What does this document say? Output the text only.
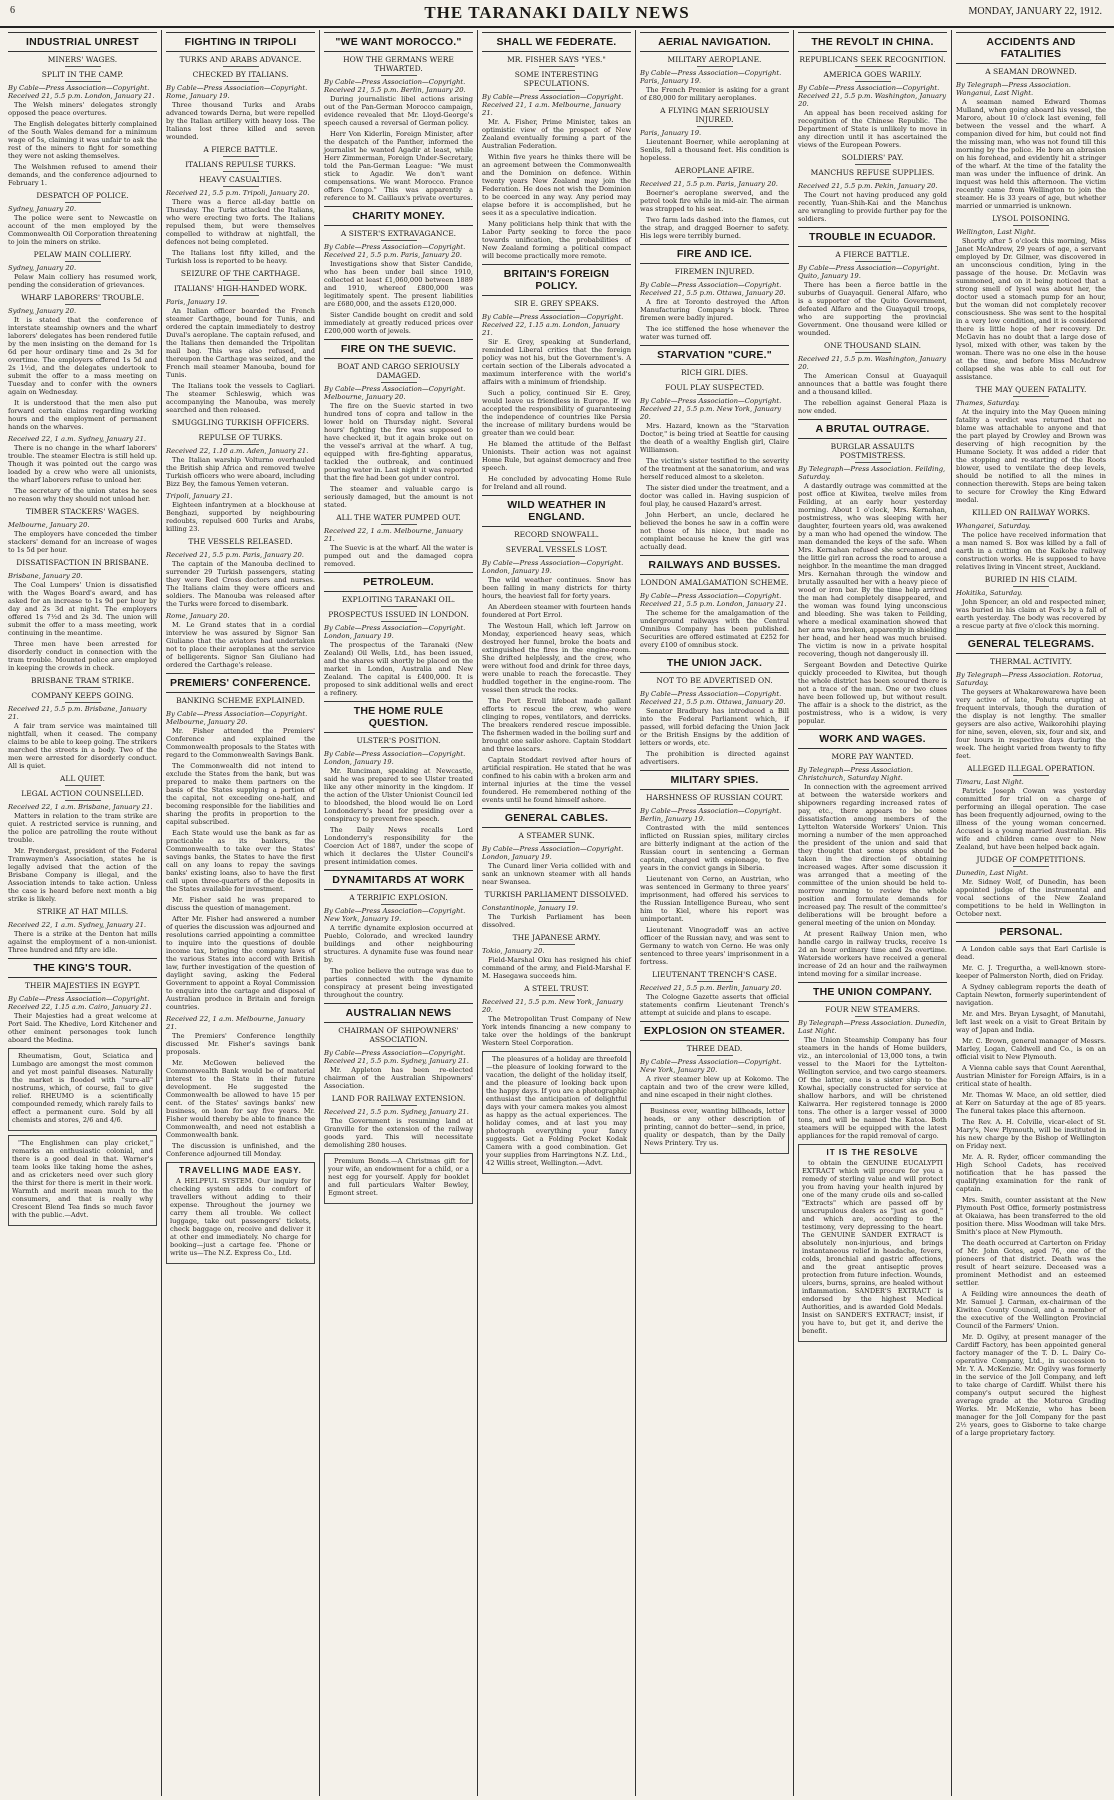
6	THE TARANAKI DAILY NEWS	MONDAY, JANUARY 22, 1912.
INDUSTRIAL UNREST
MINERS' WAGES.
SPLIT IN THE CAMP.
By Cable—Press Association—Copyright. Received 21, 5.5 p.m. London, January 21.

The Welsh miners' delegates strongly opposed the peace overtures.

The English delegates bitterly complained of the South Wales demand for a minimum wage of 5s, claiming it was unfair to ask the rest of the miners to fight for something they were not asking themselves.

The Welshmen refused to amend their demands, and the conference adjourned to February 1.

DESPATCH OF POLICE.
Sydney, January 20.

The police were sent to Newcastle on account of the men employed by the Commonwealth Oil Corporation threatening to join the miners on strike.

PELAW MAIN COLLIERY.
Sydney, January 20.

Pelaw Main colliery has resumed work, pending the consideration of grievances.

WHARF LABORERS' TROUBLE.
Sydney, January 20.

It is stated that the conference of interstate steamship owners and the wharf laborers' delegates has been rendered futile by the men insisting on the demand for 1s 6d per hour ordinary time and 2s 3d for overtime. The employers offered 1s 5d and 2s 1½d, and the delegates undertook to submit the offer to a mass meeting on Tuesday and to confer with the owners again on Wednesday.

It is understood that the men also put forward certain claims regarding working hours and the employment of permanent hands on the wharves.

Received 22, 1 a.m. Sydney, January 21.

There is no change in the wharf laborers' trouble. The steamer Electra is still held up. Though it was pointed out the cargo was loaded by a crew who were all unionists, the wharf laborers refuse to unload her.

The secretary of the union states he sees no reason why they should not unload her.

TIMBER STACKERS' WAGES.
Melbourne, January 20.

The employers have conceded the timber stackers' demand for an increase of wages to 1s 5d per hour.

DISSATISFACTION IN BRISBANE.
Brisbane, January 20.

The Coal Lumpers' Union is dissatisfied with the Wages Board's award, and has asked for an increase to 1s 9d per hour by day and 2s 3d at night. The employers offered 1s 7½d and 2s 3d. The union will submit the offer to a mass meeting, work continuing in the meantime.

Three men have been arrested for disorderly conduct in connection with the tram trouble. Mounted police are employed in keeping the crowds in check.

BRISBANE TRAM STRIKE.
COMPANY KEEPS GOING.
Received 21, 5.5 p.m. Brisbane, January 21.

A fair tram service was maintained till nightfall, when it ceased. The company claims to be able to keep going. The strikers marched the streets in a body. Two of the men were arrested for disorderly conduct. All is quiet.

ALL QUIET.
LEGAL ACTION COUNSELLED.
Received 22, 1 a.m. Brisbane, January 21.

Matters in relation to the tram strike are quiet. A restricted service is running, and the police are patrolling the route without trouble.

Mr. Prendergast, president of the Federal Tramwaymen's Association, states he is legally advised that the action of the Brisbane Company is illegal, and the Association intends to take action. Unless the case is heard before next month a big strike is likely.

STRIKE AT HAT MILLS.
Received 22, 1 a.m. Sydney, January 21.

There is a strike at the Denton hat mills against the employment of a non-unionist. Three hundred and fifty are idle.

THE KING'S TOUR.
THEIR MAJESTIES IN EGYPT.
By Cable—Press Association—Copyright. Received 22, 1.15 a.m. Cairo, January 21.

Their Majesties had a great welcome at Port Said. The Khedive, Lord Kitchener and other eminent personages took lunch aboard the Medina.

Rheumatism, Gout, Sciatica and Lumbago are amongst the most common and yet most painful diseases. Naturally the market is flooded with "sure-all" nostrums, which, of course, fail to give relief. RHEUMO is a scientifically compounded remedy, which rarely fails to effect a permanent cure. Sold by all chemists and stores, 2/6 and 4/6.

"The Englishmen can play cricket," remarks an enthusiastic colonial, and there is a good deal in that. Warner's team looks like taking home the ashes, and as cricketers need over such glory the thirst for there is merit in their work. Warmth and merit mean much to the consumers, and that is really why Crescent Blend Tea finds so much favor with the public.—Advt.

FIGHTING IN TRIPOLI
TURKS AND ARABS ADVANCE.
CHECKED BY ITALIANS.
By Cable—Press Association—Copyright. Rome, January 19.

Three thousand Turks and Arabs advanced towards Derna, but were repelled by the Italian artillery with heavy loss. The Italians lost three killed and seven wounded.

A FIERCE BATTLE.
ITALIANS REPULSE TURKS.
HEAVY CASUALTIES.
Received 21, 5.5 p.m. Tripoli, January 20.

There was a fierce all-day battle on Thursday. The Turks attacked the Italians, who were erecting two forts. The Italians repulsed them, but were themselves compelled to withdraw at nightfall, the defences not being completed.

The Italians lost fifty killed, and the Turkish loss is reported to be heavy.

SEIZURE OF THE CARTHAGE.
ITALIANS' HIGH-HANDED WORK.
Paris, January 19.

An Italian officer boarded the French steamer Carthage, bound for Tunis, and ordered the captain immediately to destroy Duval's aeroplane. The captain refused, and the Italians then demanded the Tripolitan mail bag. This was also refused, and thereupon the Carthage was seized, and the French mail steamer Manouba, bound for Tunis.

The Italians took the vessels to Cagliari. The steamer Schleswig, which was accompanying the Manouba, was merely searched and then released.

SMUGGLING TURKISH OFFICERS.
REPULSE OF TURKS.
Received 22, 1.10 a.m. Aden, January 21.

The Italian warship Volturno overhauled the British ship Africa and removed twelve Turkish officers who were aboard, including Bizz Bey, the famous Yemen veteran.

Tripoli, January 21.

Eighteen infantrymen at a blockhouse at Benghazi, supported by neighbouring redoubts, repulsed 600 Turks and Arabs, killing 23.

THE VESSELS RELEASED.
Received 21, 5.5 p.m. Paris, January 20.

The captain of the Manouba declined to surrender 29 Turkish passengers, stating they were Red Cross doctors and nurses. The Italians claim they were officers and soldiers. The Manouba was released after the Turks were forced to disembark.

Rome, January 20.

M. Le Grand states that in a cordial interview he was assured by Signor San Giuliano that the aviators had undertaken not to place their aeroplanes at the service of belligerents. Signor San Giuliano had ordered the Carthage's release.

PREMIERS' CONFERENCE.
BANKING SCHEME EXPLAINED.
By Cable—Press Association—Copyright. Melbourne, January 20.

Mr. Fisher attended the Premiers' Conference and explained the Commonwealth proposals to the States with regard to the Commonwealth Savings Bank.

The Commonwealth did not intend to exclude the States from the bank, but was prepared to make them partners on the basis of the States supplying a portion of the capital, not exceeding one-half, and becoming responsible for the liabilities and sharing the profits in proportion to the capital subscribed.

Each State would use the bank as far as practicable as its bankers, the Commonwealth to take over the States' savings banks, the States to have the first call on any loans to repay the savings banks' existing loans, also to have the first call upon three-quarters of the deposits in the States available for investment.

Mr. Fisher said he was prepared to discuss the question of management.

After Mr. Fisher had answered a number of queries the discussion was adjourned and resolutions carried appointing a committee to inquire into the questions of double income tax, bringing the company laws of the various States into accord with British law, further investigation of the question of daylight saving, asking the Federal Government to appoint a Royal Commission to enquire into the cartage and disposal of Australian produce in Britain and foreign countries.

Received 22, 1 a.m. Melbourne, January 21.

The Premiers' Conference lengthily discussed Mr. Fisher's savings bank proposals.

Mr. McGowen believed the Commonwealth Bank would be of material interest to the State in their future development. He suggested the Commonwealth be allowed to have 15 per cent. of the States' savings banks' new business, on loan for say five years. Mr. Fisher would thereby be able to finance the Commonwealth, and need not establish a Commonwealth bank.

The discussion is unfinished, and the Conference adjourned till Monday.

TRAVELLING MADE EASY.

A HELPFUL SYSTEM. Our inquiry for checking system adds to comfort of travellers without adding to their expense. Throughout the journey we carry them all trouble. We collect luggage, take out passengers' tickets, check baggage on, receive and deliver it at other end immediately. No charge for booking—just a cartage fee. 'Phone or write us—The N.Z. Express Co., Ltd.

"WE WANT MOROCCO."
HOW THE GERMANS WERE THWARTED.
By Cable—Press Association—Copyright. Received 21, 5.5 p.m. Berlin, January 20.

During journalistic libel actions arising out of the Pan-German Morocco campaign, evidence revealed that Mr. Lloyd-George's speech caused a reversal of German policy.

Herr Von Kiderlin, Foreign Minister, after the despatch of the Panther, informed the journalist he wanted Agadir at least, while Herr Zimmerman, Foreign Under-Secretary, told the Pan-German League: "We must stick to Agadir. We don't want compensations. We want Morocco. France offers Congo." This was apparently a reference to M. Caillaux's private overtures.

CHARITY MONEY.
A SISTER'S EXTRAVAGANCE.
By Cable—Press Association—Copyright. Received 21, 5.5 p.m. Paris, January 20.

Investigations show that Sister Candide, who has been under bail since 1910, collected at least £1,060,000 between 1889 and 1910, whereof £800,000 was legitimately spent. The present liabilities are £680,000, and the assets £120,000.

Sister Candide bought on credit and sold immediately at greatly reduced prices over £200,000 worth of jewels.

FIRE ON THE SUEVIC.
BOAT AND CARGO SERIOUSLY DAMAGED.
By Cable—Press Association—Copyright. Melbourne, January 20.

The fire on the Suevic started in two hundred tons of copra and tallow in the lower hold on Thursday night. Several hours' fighting the fire was supposed to have checked it, but it again broke out on the vessel's arrival at the wharf. A tug, equipped with fire-fighting apparatus, tackled the outbreak, and continued pouring water in. Last night it was reported that the fire had been got under control.

The steamer and valuable cargo is seriously damaged, but the amount is not stated.

ALL THE WATER PUMPED OUT.
Received 22, 1 a.m. Melbourne, January 21.

The Suevic is at the wharf. All the water is pumped out and the damaged copra removed.

PETROLEUM.
EXPLOITING TARANAKI OIL.
PROSPECTUS ISSUED IN LONDON.
By Cable—Press Association—Copyright. London, January 19.

The prospectus of the Taranaki (New Zealand) Oil Wells, Ltd., has been issued, and the shares will shortly be placed on the market in London, Australia and New Zealand. The capital is £400,000. It is proposed to sink additional wells and erect a refinery.

THE HOME RULE QUESTION.
ULSTER'S POSITION.
By Cable—Press Association—Copyright. London, January 19.

Mr. Runciman, speaking at Newcastle, said he was prepared to see Ulster treated like any other minority in the kingdom. If the action of the Ulster Unionist Council led to bloodshed, the blood would lie on Lord Londonderry's head for presiding over a conspiracy to prevent free speech.

The Daily News recalls Lord Londonderry's responsibility for the Coercion Act of 1887, under the scope of which it declares the Ulster Council's present intimidation comes.

DYNAMITARDS AT WORK
A TERRIFIC EXPLOSION.
By Cable—Press Association—Copyright. New York, January 19.

A terrific dynamite explosion occurred at Pueblo, Colorado, and wrecked laundry buildings and other neighbouring structures. A dynamite fuse was found near by.

The police believe the outrage was due to parties connected with the dynamite conspiracy at present being investigated throughout the country.

AUSTRALIAN NEWS
CHAIRMAN OF SHIPOWNERS' ASSOCIATION.
By Cable—Press Association—Copyright. Received 21, 5.5 p.m. Sydney, January 21.

Mr. Appleton has been re-elected chairman of the Australian Shipowners' Association.

LAND FOR RAILWAY EXTENSION.
Received 21, 5.5 p.m. Sydney, January 21.

The Government is resuming land at Granville for the extension of the railway goods yard. This will necessitate demolishing 280 houses.

Premium Bonds.—A Christmas gift for your wife, an endowment for a child, or a nest egg for yourself. Apply for booklet and full particulars Walter Bewley, Egmont street.

SHALL WE FEDERATE.
MR. FISHER SAYS "YES."
SOME INTERESTING SPECULATIONS.
By Cable—Press Association—Copyright. Received 21, 1 a.m. Melbourne, January 21.

Mr. A. Fisher, Prime Minister, takes an optimistic view of the prospect of New Zealand eventually forming a part of the Australian Federation.

Within five years he thinks there will be an agreement between the Commonwealth and the Dominion on defence. Within twenty years New Zealand may join the Federation. He does not wish the Dominion to be coerced in any way. Any period may elapse before it is accomplished, but he sees it as a speculative indication.

Many politicians help think that with the Labor Party seeking to force the pace towards unification, the probabilities of New Zealand forming a political compact will become practically more remote.

BRITAIN'S FOREIGN POLICY.
SIR E. GREY SPEAKS.
By Cable—Press Association—Copyright. Received 22, 1.15 a.m. London, January 21.

Sir E. Grey, speaking at Sunderland, reminded Liberal critics that the foreign policy was not his, but the Government's. A certain section of the Liberals advocated a maximum interference with the world's affairs with a minimum of friendship.

Such a policy, continued Sir E. Grey, would leave us friendless in Europe. If we accepted the responsibility of guaranteeing the independence of countries like Persia the increase of military burdens would be greater than we could bear.

He blamed the attitude of the Belfast Unionists. Their action was not against Home Rule, but against democracy and free speech.

He concluded by advocating Home Rule for Ireland and all round.

WILD WEATHER IN ENGLAND.
RECORD SNOWFALL.
SEVERAL VESSELS LOST.
By Cable—Press Association—Copyright. London, January 19.

The wild weather continues. Snow has been falling in many districts for thirty hours, the heaviest fall for forty years.

An Aberdeen steamer with fourteen hands foundered at Port Errol.

The Westoun Hall, which left Jarrow on Monday, experienced heavy seas, which destroyed her funnel, broke the boats and extinguished the fires in the engine-room. She drifted helplessly, and the crew, who were without food and drink for three days, were unable to reach the forecastle. They huddled together in the engine-room. The vessel then struck the rocks.

The Port Erroll lifeboat made gallant efforts to rescue the crew, who were clinging to ropes, ventilators, and derricks. The breakers rendered rescue impossible. The fishermen waded in the boiling surf and brought one sailor ashore. Captain Stoddart and three lascars.

Captain Stoddart revived after hours of artificial respiration. He stated that he was confined to his cabin with a broken arm and internal injuries at the time the vessel foundered. He remembered nothing of the events until he found himself ashore.

GENERAL CABLES.
A STEAMER SUNK.
By Cable—Press Association—Copyright. London, January 19.

The Cunard liner Veria collided with and sank an unknown steamer with all hands near Swansea.

TURKISH PARLIAMENT DISSOLVED.
Constantinople, January 19.

The Turkish Parliament has been dissolved.

THE JAPANESE ARMY.
Tokio, January 20.

Field-Marshal Oku has resigned his chief command of the army, and Field-Marshal F. M. Hasegawa succeeds him.

A STEEL TRUST.
Received 21, 5.5 p.m. New York, January 20.

The Metropolitan Trust Company of New York intends financing a new company to take over the holdings of the bankrupt Western Steel Corporation.

The pleasures of a holiday are threefold—the pleasure of looking forward to the vacation, the delight of the holiday itself, and the pleasure of looking back upon the happy days. If you are a photographic enthusiast the anticipation of delightful days with your camera makes you almost as happy as the actual experiences. The holiday comes, and at last you may photograph everything your fancy suggests. Get a Folding Pocket Kodak Camera with a good combination. Get your supplies from Harringtons N.Z. Ltd., 42 Willis street, Wellington.—Advt.

AERIAL NAVIGATION.
MILITARY AEROPLANE.
By Cable—Press Association—Copyright. Paris, January 19.

The French Premier is asking for a grant of £80,000 for military aeroplanes.

A FLYING MAN SERIOUSLY INJURED.
Paris, January 19.

Lieutenant Boerner, while aeroplaning at Senlis, fell a thousand feet. His condition is hopeless.

AEROPLANE AFIRE.
Received 21, 5.5 p.m. Paris, January 20.

Boerner's aeroplane swerved, and the petrol took fire while in mid-air. The airman was strapped to his seat.

Two farm lads dashed into the flames, cut the strap, and dragged Boerner to safety. His legs were terribly burned.

FIRE AND ICE.
FIREMEN INJURED.
By Cable—Press Association—Copyright. Received 21, 5.5 p.m. Ottawa, January 20.

A fire at Toronto destroyed the Afton Manufacturing Company's block. Three firemen were badly injured.

The ice stiffened the hose whenever the water was turned off.

STARVATION "CURE."
RICH GIRL DIES.
FOUL PLAY SUSPECTED.
By Cable—Press Association—Copyright. Received 21, 5.5 p.m. New York, January 20.

Mrs. Hazard, known as the "Starvation Doctor," is being tried at Seattle for causing the death of a wealthy English girl, Claire Williamson.

The victim's sister testified to the severity of the treatment at the sanatorium, and was herself reduced almost to a skeleton.

The sister died under the treatment, and a doctor was called in. Having suspicion of foul play, he caused Hazard's arrest.

John Herbert, an uncle, declared he believed the bones he saw in a coffin were not those of his niece, but made no complaint because he knew the girl was actually dead.

RAILWAYS AND BUSSES.
LONDON AMALGAMATION SCHEME.
By Cable—Press Association—Copyright. Received 21, 5.5 p.m. London, January 21.

The scheme for the amalgamation of the underground railways with the Central Omnibus Company has been published. Securities are offered estimated at £252 for every £100 of omnibus stock.

THE UNION JACK.
NOT TO BE ADVERTISED ON.
By Cable—Press Association—Copyright. Received 21, 5.5 p.m. Ottawa, January 20.

Senator Bradbury has introduced a Bill into the Federal Parliament which, if passed, will forbid defacing the Union Jack or the British Ensigns by the addition of letters or words, etc.

The prohibition is directed against advertisers.

MILITARY SPIES.
HARSHNESS OF RUSSIAN COURT.
By Cable—Press Association—Copyright. Berlin, January 19.

Contrasted with the mild sentences inflicted on Russian spies, military circles are bitterly indignant at the action of the Russian court in sentencing a German captain, charged with espionage, to five years in the convict gangs in Siberia.

Lieutenant von Cerno, an Austrian, who was sentenced in Germany to three years' imprisonment, had offered his services to the Russian Intelligence Bureau, who sent him to Kiel, where his report was unimportant.

Lieutenant Vinogradoff was an active officer of the Russian navy, and was sent to Germany to watch von Cerno. He was only sentenced to three years' imprisonment in a fortress.

LIEUTENANT TRENCH'S CASE.
Received 21, 5.5 p.m. Berlin, January 20.

The Cologne Gazette asserts that official statements confirm Lieutenant Trench's attempt at suicide and plans to escape.

EXPLOSION ON STEAMER.
THREE DEAD.
By Cable—Press Association—Copyright. New York, January 20.

A river steamer blew up at Kokomo. The captain and two of the crew were killed, and nine escaped in their night clothes.

Business ever, wanting billheads, letter heads, or any other description of printing, cannot do better—send, in price, quality or despatch, than by the Daily News Printery. Try us.

THE REVOLT IN CHINA.
REPUBLICANS SEEK RECOGNITION.
AMERICA GOES WARILY.
By Cable—Press Association—Copyright. Received 21, 5.5 p.m. Washington, January 20.

An appeal has been received asking for recognition of the Chinese Republic. The Department of State is unlikely to move in any direction until it has ascertained the views of the European Powers.

SOLDIERS' PAY.
MANCHUS REFUSE SUPPLIES.
Received 21, 5.5 p.m. Pekin, January 20.

The Court not having produced any gold recently, Yuan-Shih-Kai and the Manchus are wrangling to provide further pay for the soldiers.

TROUBLE IN ECUADOR.
A FIERCE BATTLE.
By Cable—Press Association—Copyright. Quito, January 19.

There has been a fierce battle in the suburbs of Guayaquil. General Alfaro, who is a supporter of the Quito Government, defeated Alfaro and the Guayaquil troops, who are supporting the provincial Government. One thousand were killed or wounded.

ONE THOUSAND SLAIN.
Received 21, 5.5 p.m. Washington, January 20.

The American Consul at Guayaquil announces that a battle was fought there and a thousand killed.

The rebellion against General Plaza is now ended.

A BRUTAL OUTRAGE.
BURGLAR ASSAULTS POSTMISTRESS.
By Telegraph—Press Association. Feilding, Saturday.

A dastardly outrage was committed at the post office at Kiwitea, twelve miles from Feilding, at an early hour yesterday morning. About 1 o'clock, Mrs. Kernahan, postmistress, who was sleeping with her daughter, fourteen years old, was awakened by a man who had opened the window. The man demanded the keys of the safe. When Mrs. Kernahan refused she screamed, and the little girl ran across the road to arouse a neighbor. In the meantime the man dragged Mrs. Kernahan through the window and brutally assaulted her with a heavy piece of wood or iron bar. By the time help arrived the man had completely disappeared, and the woman was found lying unconscious and bleeding. She was taken to Feilding, where a medical examination showed that her arm was broken, apparently in shielding her head, and her head was much bruised. The victim is now in a private hospital recovering, though not dangerously ill.

Sergeant Bowden and Detective Quirke quickly proceeded to Kiwitea, but though the whole district has been scoured there is not a trace of the man. One or two clues have been followed up, but without result. The affair is a shock to the district, as the postmistress, who is a widow, is very popular.

WORK AND WAGES.
MORE PAY WANTED.
By Telegraph—Press Association. Christchurch, Saturday Night.

In connection with the agreement arrived at between the waterside workers and shipowners regarding increased rates of pay, etc., there appears to be some dissatisfaction among members of the Lyttelton Waterside Workers' Union. This morning a number of the men approached the president of the union and said that they thought that some steps should be taken in the direction of obtaining increased wages. After some discussion it was arranged that a meeting of the committee of the union should be held to-morrow morning to review the whole position and formulate demands for increased pay. The result of the committee's deliberations will be brought before a general meeting of the union on Monday.

At present Railway Union men, who handle cargo in railway trucks, receive 1s 2d an hour ordinary time and 2s overtime. Waterside workers have received a general increase of 2d an hour and the railwaymen intend moving for a similar increase.

THE UNION COMPANY.
FOUR NEW STEAMERS.
By Telegraph—Press Association. Dunedin, Last Night.

The Union Steamship Company has four steamers in the hands of Home builders, viz., an intercolonial of 13,000 tons, a twin vessel to the Maori for the Lyttelton-Wellington service, and two cargo steamers. Of the latter, one is a sister ship to the Kowhai, specially constructed for service at shallow harbors, and will be christened Kaiwarra. Her registered tonnage is 2000 tons. The other is a larger vessel of 3000 tons, and will be named the Katoa. Both steamers will be equipped with the latest appliances for the rapid removal of cargo.

IT IS THE RESOLVE

to obtain the GENUINE EUCALYPTI EXTRACT which will procure for you a remedy of sterling value and will protect you from having your health injured by one of the many crude oils and so-called "Extracts" which are passed off by unscrupulous dealers as "just as good," and which are, according to the testimony, very depressing to the heart. The GENUINE SANDER EXTRACT is absolutely non-injurious, and brings instantaneous relief in headache, fevers, colds, bronchial and gastric affections, and the great antiseptic proves protection from future infection. Wounds, ulcers, burns, sprains, are healed without inflammation. SANDER'S EXTRACT is endorsed by the highest Medical Authorities, and is awarded Gold Medals. Insist on SANDER'S EXTRACT; insist, if you have to, but get it, and derive the benefit.

ACCIDENTS AND FATALITIES
A SEAMAN DROWNED.
By Telegraph—Press Association. Wanganui, Last Night.

A seaman named Edward Thomas Mulland, when going aboard his vessel, the Maroro, about 10 o'clock last evening, fell between the vessel and the wharf. A companion dived for him, but could not find the missing man, who was not found till this morning by the police. He bore an abrasion on his forehead, and evidently hit a stringer of the wharf. At the time of the fatality the man was under the influence of drink. An inquest was held this afternoon. The victim recently came from Wellington to join the steamer. He is 33 years of age, but whether married or unmarried is unknown.

LYSOL POISONING.
Wellington, Last Night.

Shortly after 5 o'clock this morning, Miss Janet McAndrew, 29 years of age, a servant employed by Dr. Gilmer, was discovered in an unconscious condition, lying in the passage of the house. Dr. McGavin was summoned, and on it being noticed that a strong smell of lysol was about her, the doctor used a stomach pump for an hour, but the woman did not completely recover consciousness. She was sent to the hospital in a very low condition, and it is considered there is little hope of her recovery. Dr. McGavin has no doubt that a large dose of lysol, mixed with other, was taken by the woman. There was no one else in the house at the time, and before Miss McAndrew collapsed she was able to call out for assistance.

THE MAY QUEEN FATALITY.
Thames, Saturday.

At the inquiry into the May Queen mining fatality a verdict was returned that no blame was attachable to anyone and that the part played by Crowley and Brown was deserving of high recognition by the Humane Society. It was added a rider that the stopping and re-starting of the Roots blower, used to ventilate the deep levels, should be notified to all the mines in connection therewith. Steps are being taken to secure for Crowley the King Edward medal.

KILLED ON RAILWAY WORKS.
Whangarei, Saturday.

The police have received information that a man named S. Box was killed by a fall of earth in a cutting on the Kaikohe railway construction works. He is supposed to have relatives living in Vincent street, Auckland.

BURIED IN HIS CLAIM.
Hokitika, Saturday.

John Spencer, an old and respected miner, was buried in his claim at Fox's by a fall of earth yesterday. The body was recovered by a rescue party at five o'clock this morning.

GENERAL TELEGRAMS.
THERMAL ACTIVITY.
By Telegraph—Press Association. Rotorua, Saturday.

The geysers at Whakarewarewa have been very active of late, Pohutu erupting at frequent intervals, though the duration of the display is not lengthy. The smaller geysers are also active, Waikorohihi playing for nine, seven, eleven, six, four and six, and four hours in respective days during the week. The height varied from twenty to fifty feet.

ALLEGED ILLEGAL OPERATION.
Timaru, Last Night.

Patrick Joseph Cowan was yesterday committed for trial on a charge of performing an illegal operation. The case has been frequently adjourned, owing to the illness of the young woman concerned. Accused is a young married Australian. His wife and children came over to New Zealand, but have been helped back again.

JUDGE OF COMPETITIONS.
Dunedin, Last Night.

Mr. Sidney Wolf, of Dunedin, has been appointed judge of the instrumental and vocal sections of the New Zealand competitions to be held in Wellington in October next.

PERSONAL.

A London cable says that Earl Carlisle is dead.

Mr. C. J. Tregurtha, a well-known store-keeper of Palmerston North, died on Friday.

A Sydney cablegram reports the death of Captain Newton, formerly superintendent of navigation.

Mr. and Mrs. Bryan Lysaght, of Manutahi, left last week on a visit to Great Britain by way of Japan and India.

Mr. C. Brown, general manager of Messrs. Marley, Logan, Caldwell and Co., is on an official visit to New Plymouth.

A Vienna cable says that Count Aerenthal, Austrian Minister for Foreign Affairs, is in a critical state of health.

Mr. Thomas W. Mace, an old settler, died at Kerr on Saturday at the age of 85 years. The funeral takes place this afternoon.

The Rev. A. H. Colville, vicar-elect of St. Mary's, New Plymouth, will be instituted in his new charge by the Bishop of Wellington on Friday next.

Mr. A. R. Ryder, officer commanding the High School Cadets, has received notification that he has passed the qualifying examination for the rank of captain.

Mrs. Smith, counter assistant at the New Plymouth Post Office, formerly postmistress at Okaiawa, has been transferred to the old position there. Miss Woodman will take Mrs. Smith's place at New Plymouth.

The death occurred at Carterton on Friday of Mr. John Gotes, aged 76, one of the pioneers of that district. Death was the result of heart seizure. Deceased was a prominent Methodist and an esteemed settler.

A Feilding wire announces the death of Mr. Samuel J. Carman, ex-chairman of the Kiwitea County Council, and a member of the executive of the Wellington Provincial Council of the Farmers' Union.

Mr. D. Ogilvy, at present manager of the Cardiff Factory, has been appointed general factory manager of the T. D. L. Dairy Co-operative Company, Ltd., in succession to Mr. Y. A. McKenzie. Mr. Ogilvy was formerly in the service of the Joll Company, and left to take charge of Cardiff. Whilst there his company's output secured the highest average grade at the Moturoa Grading Works. Mr. McKenzie, who has been manager for the Joll Company for the past 2½ years, goes to Gisborne to take charge of a large proprietary factory.
